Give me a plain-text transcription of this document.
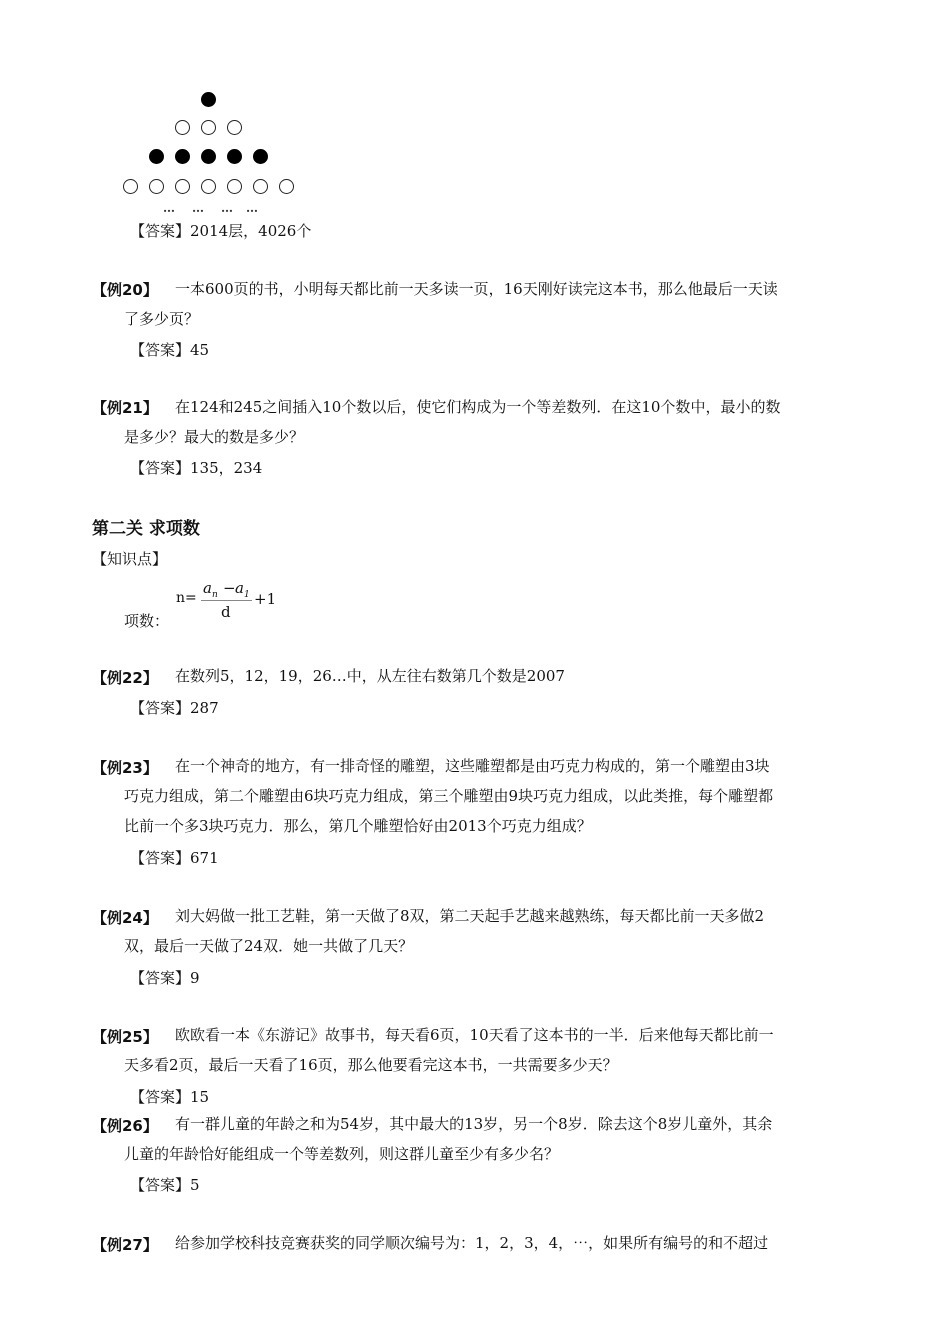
… … … …
【答案】2014层，4026个
【例20】 一本600页的书，小明每天都比前一天多读一页，16天刚好读完这本书，那么他最后一天读
了多少页？
【答案】45
【例21】 在124和245之间插入10个数以后，使它们构成为一个等差数列．在这10个数中，最小的数
是多少？最大的数是多少？
【答案】135，234
第二关 求项数
【知识点】
项数：
n=
$a_n - a_1$
d
+1
【例22】 在数列5，12，19，26…中，从左往右数第几个数是2007
【答案】287
【例23】 在一个神奇的地方，有一排奇怪的雕塑，这些雕塑都是由巧克力构成的，第一个雕塑由3块
巧克力组成，第二个雕塑由6块巧克力组成，第三个雕塑由9块巧克力组成，以此类推，每个雕塑都
比前一个多3块巧克力．那么，第几个雕塑恰好由2013个巧克力组成？
【答案】671
【例24】 刘大妈做一批工艺鞋，第一天做了8双，第二天起手艺越来越熟练，每天都比前一天多做2
双，最后一天做了24双．她一共做了几天？
【答案】9
【例25】 欧欧看一本《东游记》故事书，每天看6页，10天看了这本书的一半．后来他每天都比前一
天多看2页，最后一天看了16页，那么他要看完这本书，一共需要多少天？
【答案】15
【例26】 有一群儿童的年龄之和为54岁，其中最大的13岁，另一个8岁．除去这个8岁儿童外，其余
儿童的年龄恰好能组成一个等差数列，则这群儿童至少有多少名？
【答案】5
【例27】 给参加学校科技竞赛获奖的同学顺次编号为：1，2，3，4，⋯，如果所有编号的和不超过
